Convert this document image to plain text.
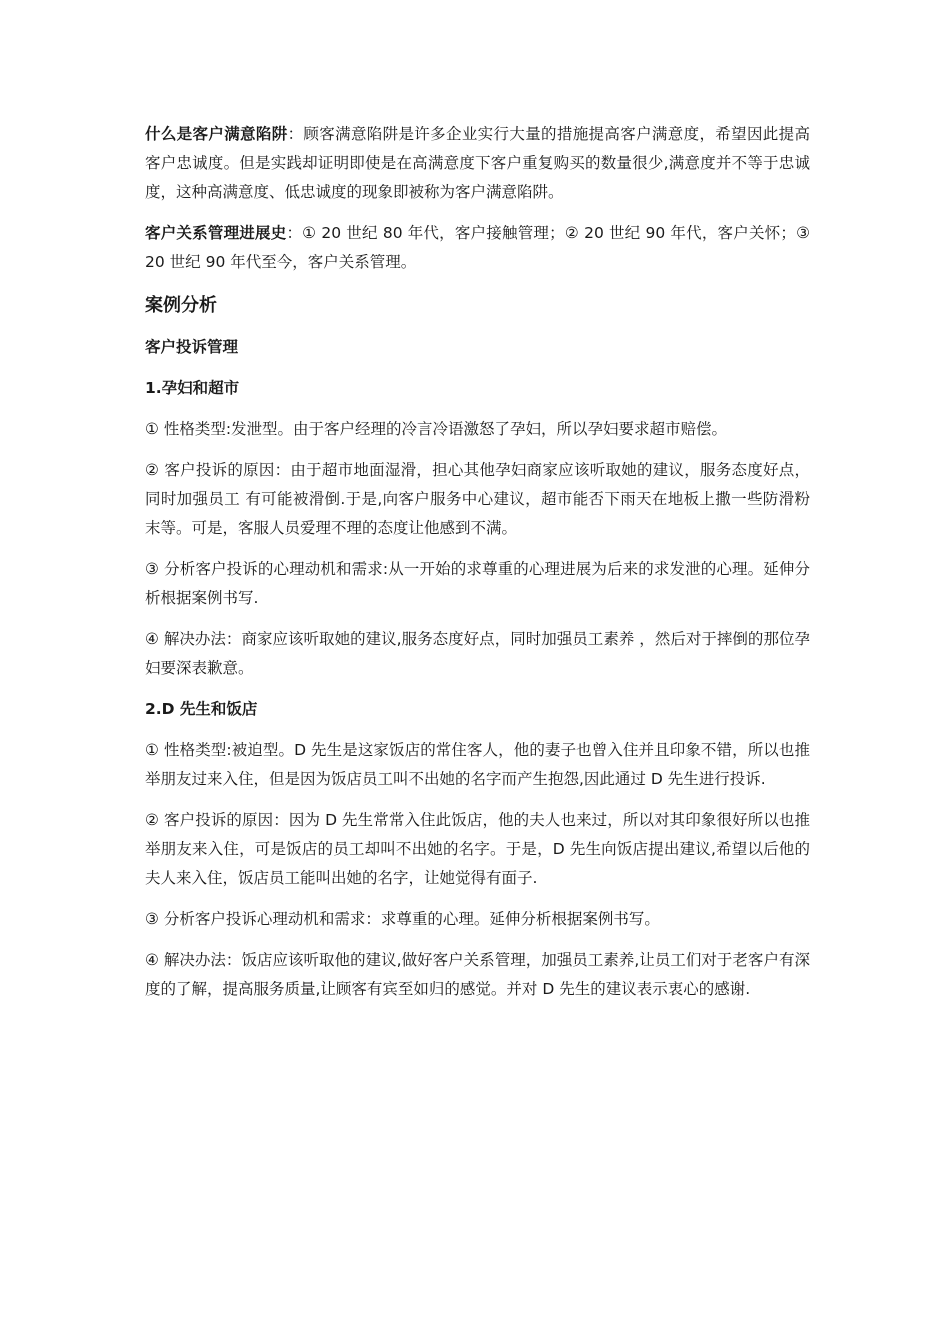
什么是客户满意陷阱：顾客满意陷阱是许多企业实行大量的措施提高客户满意度，希望因此提高客户忠诚度。但是实践却证明即使是在高满意度下客户重复购买的数量很少,满意度并不等于忠诚度，这种高满意度、低忠诚度的现象即被称为客户满意陷阱。

客户关系管理进展史：① 20 世纪 80 年代，客户接触管理；② 20 世纪 90 年代，客户关怀；③ 20 世纪 90 年代至今，客户关系管理。

案例分析
客户投诉管理
1.孕妇和超市

① 性格类型:发泄型。由于客户经理的冷言冷语激怒了孕妇，所以孕妇要求超市赔偿。

② 客户投诉的原因：由于超市地面湿滑，担心其他孕妇商家应该听取她的建议，服务态度好点，同时加强员工 有可能被滑倒.于是,向客户服务中心建议，超市能否下雨天在地板上撒一些防滑粉末等。可是，客服人员爱理不理的态度让他感到不满。

③ 分析客户投诉的心理动机和需求:从一开始的求尊重的心理进展为后来的求发泄的心理。延伸分析根据案例书写.

④ 解决办法：商家应该听取她的建议,服务态度好点，同时加强员工素养 ，然后对于摔倒的那位孕妇要深表歉意。

2.D 先生和饭店

① 性格类型:被迫型。D 先生是这家饭店的常住客人，他的妻子也曾入住并且印象不错，所以也推举朋友过来入住，但是因为饭店员工叫不出她的名字而产生抱怨,因此通过 D 先生进行投诉.

② 客户投诉的原因：因为 D 先生常常入住此饭店，他的夫人也来过，所以对其印象很好所以也推举朋友来入住，可是饭店的员工却叫不出她的名字。于是，D 先生向饭店提出建议,希望以后他的夫人来入住，饭店员工能叫出她的名字，让她觉得有面子.

③ 分析客户投诉心理动机和需求：求尊重的心理。延伸分析根据案例书写。

④ 解决办法：饭店应该听取他的建议,做好客户关系管理，加强员工素养,让员工们对于老客户有深度的了解，提高服务质量,让顾客有宾至如归的感觉。并对 D 先生的建议表示衷心的感谢.
